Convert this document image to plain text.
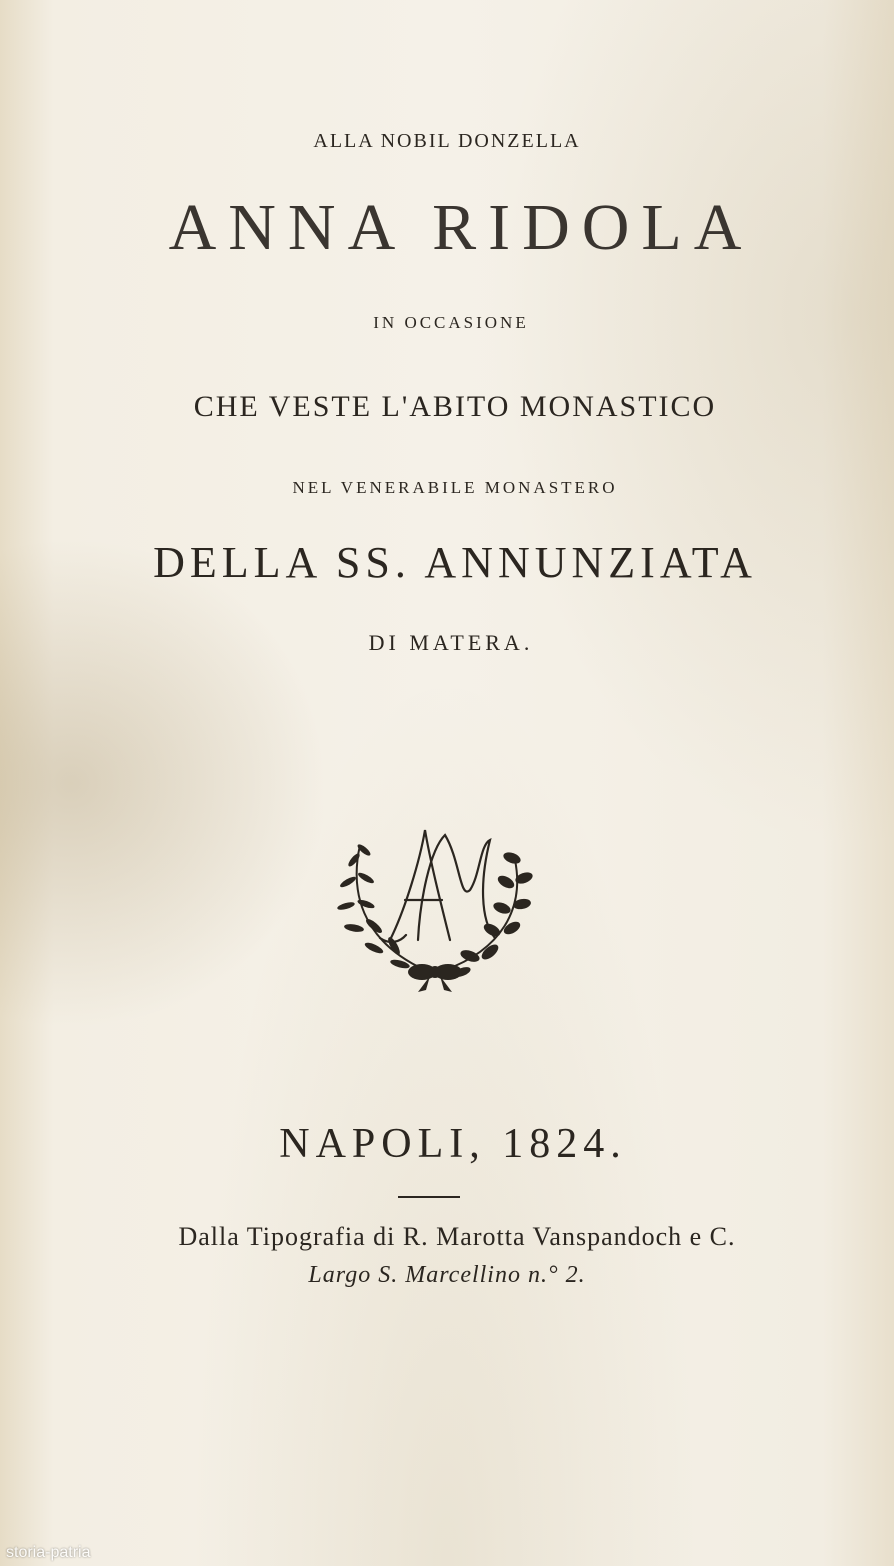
ALLA NOBIL DONZELLA
ANNA RIDOLA
IN OCCASIONE
CHE VESTE L'ABITO MONASTICO
NEL VENERABILE MONASTERO
DELLA SS. ANNUNZIATA
DI MATERA.
NAPOLI, 1824.
Dalla Tipografia di R. Marotta Vanspandoch e C.
Largo S. Marcellino n.° 2.
storia-patria
